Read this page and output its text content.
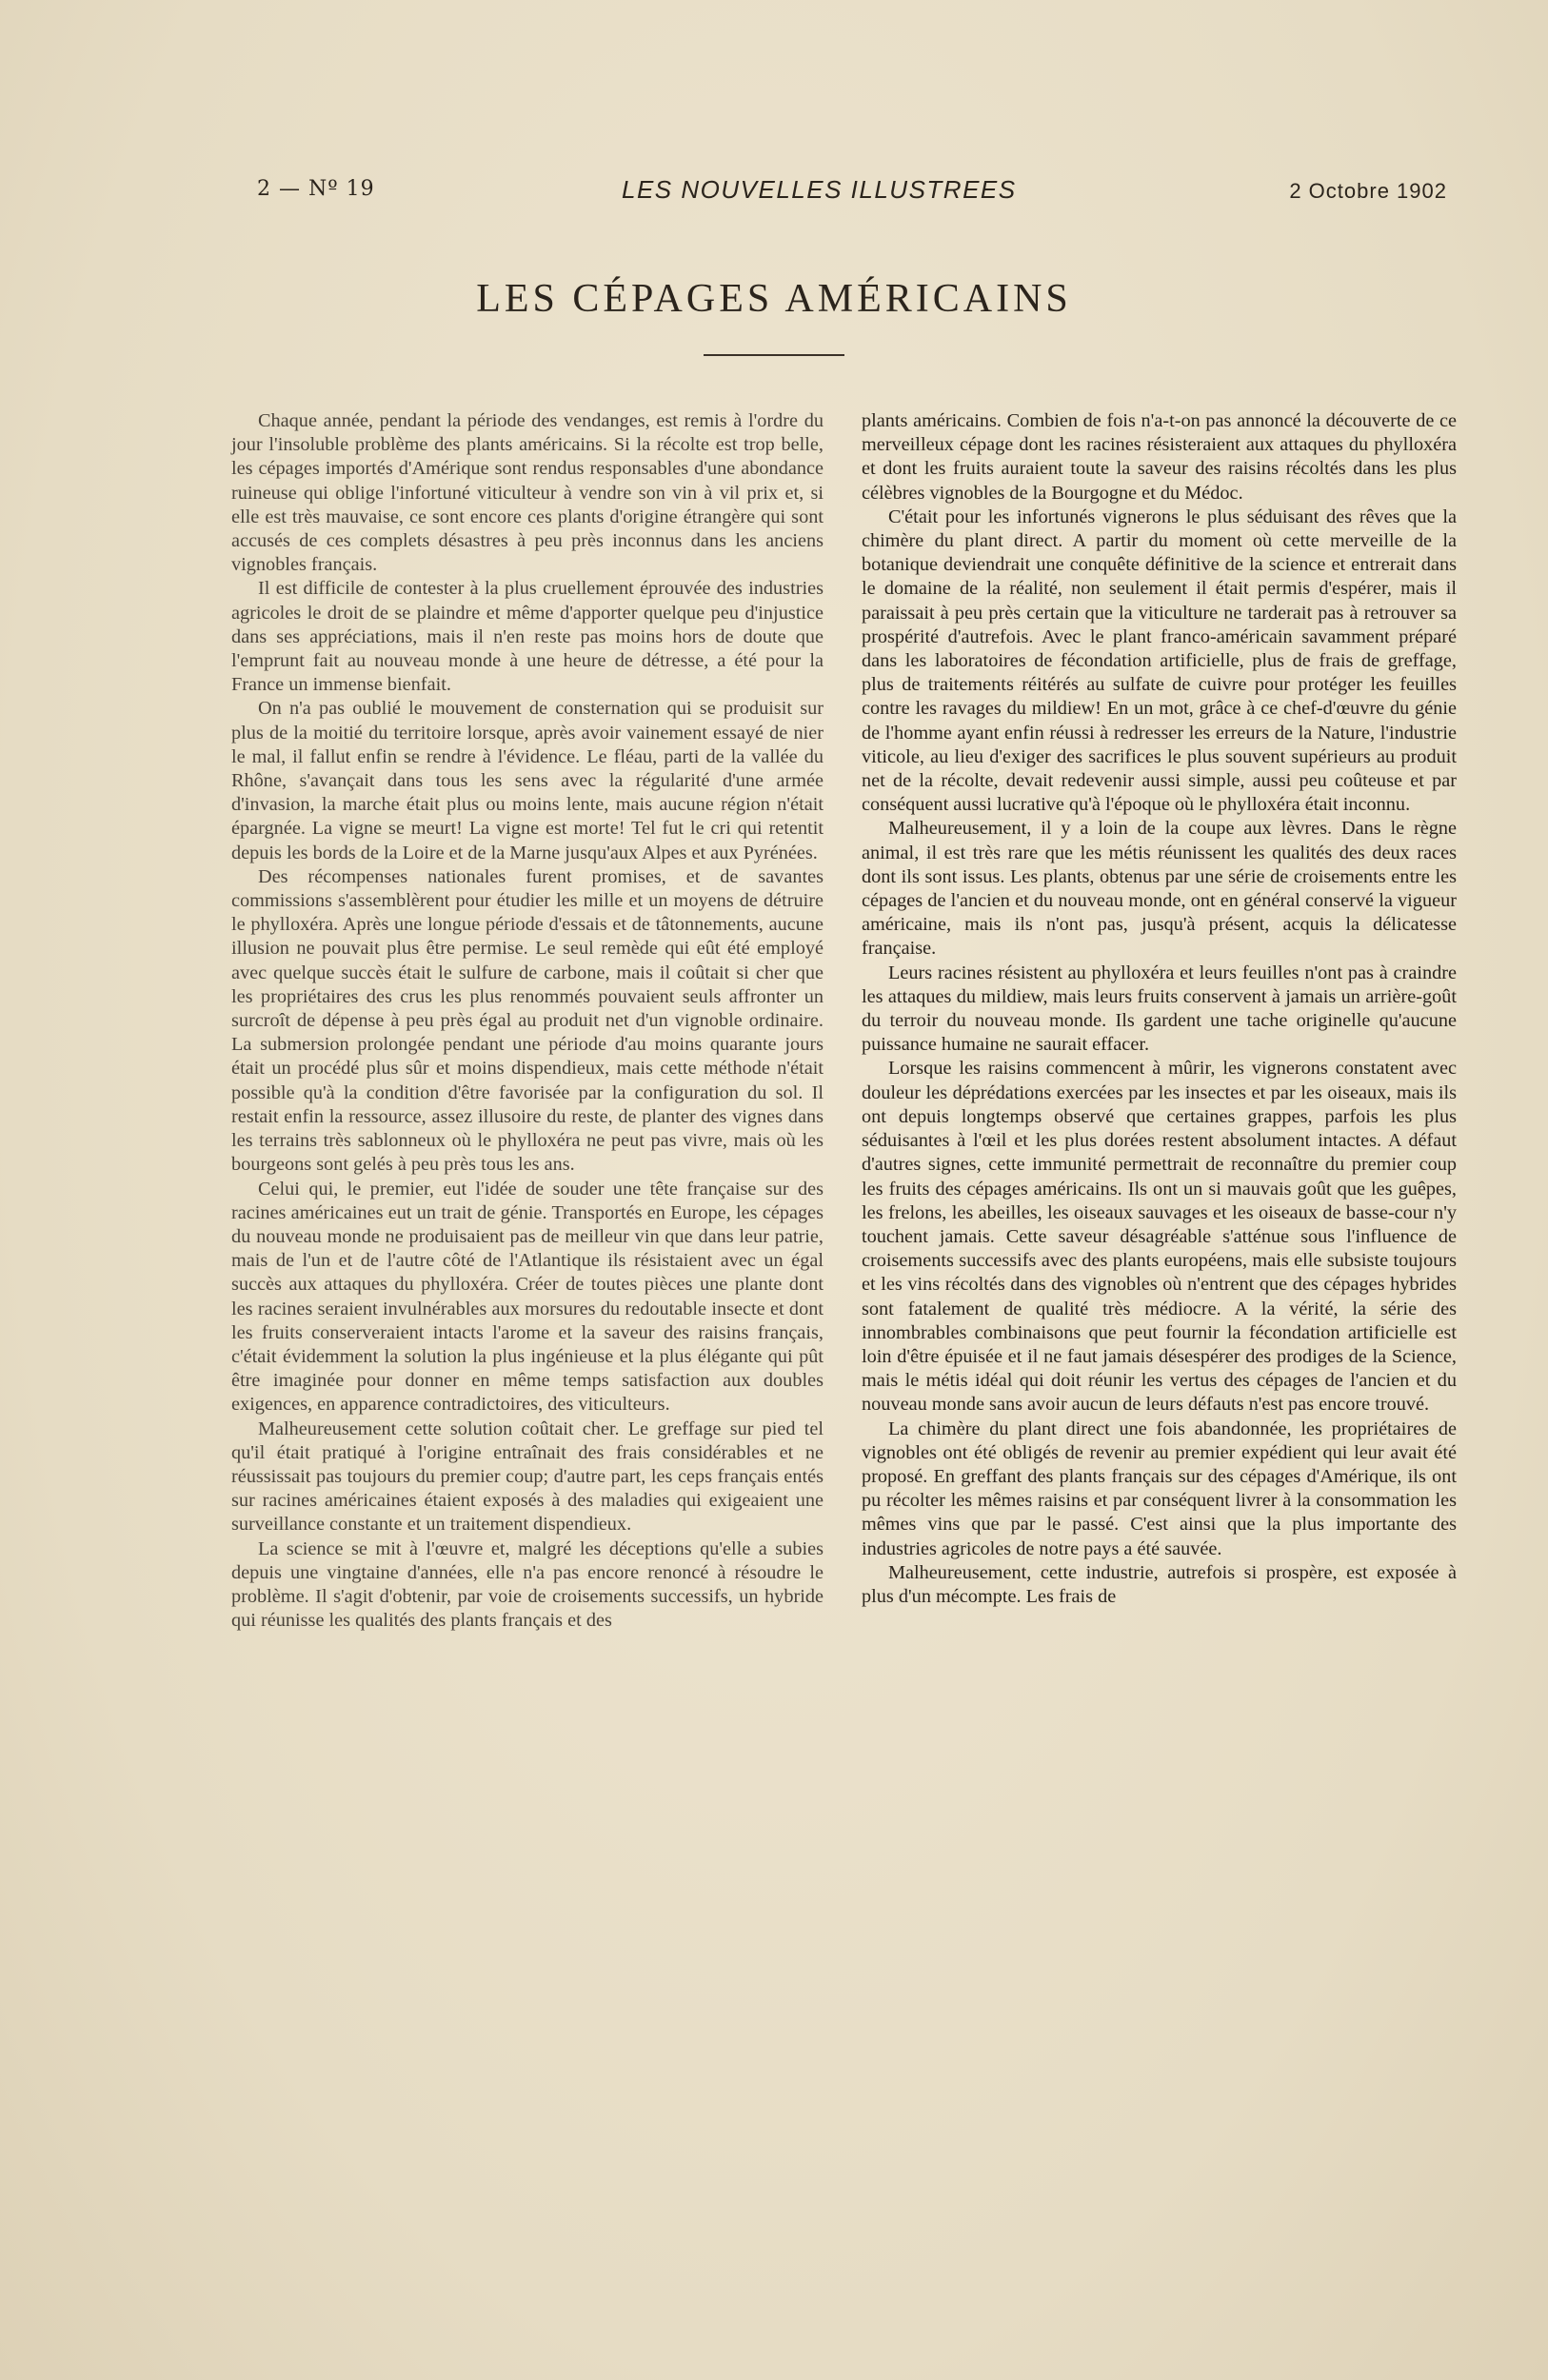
2 — Nº 19	LES NOUVELLES ILLUSTREES	2 Octobre 1902
LES CÉPAGES AMÉRICAINS

Chaque année, pendant la période des vendanges, est remis à l'ordre du jour l'insoluble problème des plants américains. Si la récolte est trop belle, les cépages importés d'Amérique sont rendus responsables d'une abondance ruineuse qui oblige l'infortuné viticulteur à vendre son vin à vil prix et, si elle est très mauvaise, ce sont encore ces plants d'origine étrangère qui sont accusés de ces complets désastres à peu près inconnus dans les anciens vignobles français.

Il est difficile de contester à la plus cruellement éprouvée des industries agricoles le droit de se plaindre et même d'apporter quelque peu d'injustice dans ses appréciations, mais il n'en reste pas moins hors de doute que l'emprunt fait au nouveau monde à une heure de détresse, a été pour la France un immense bienfait.

On n'a pas oublié le mouvement de consternation qui se produisit sur plus de la moitié du territoire lorsque, après avoir vainement essayé de nier le mal, il fallut enfin se rendre à l'évidence. Le fléau, parti de la vallée du Rhône, s'avançait dans tous les sens avec la régularité d'une armée d'invasion, la marche était plus ou moins lente, mais aucune région n'était épargnée. La vigne se meurt! La vigne est morte! Tel fut le cri qui retentit depuis les bords de la Loire et de la Marne jusqu'aux Alpes et aux Pyrénées.

Des récompenses nationales furent promises, et de savantes commissions s'assemblèrent pour étudier les mille et un moyens de détruire le phylloxéra. Après une longue période d'essais et de tâtonnements, aucune illusion ne pouvait plus être permise. Le seul remède qui eût été employé avec quelque succès était le sulfure de carbone, mais il coûtait si cher que les propriétaires des crus les plus renommés pouvaient seuls affronter un surcroît de dépense à peu près égal au produit net d'un vignoble ordinaire. La submersion prolongée pendant une période d'au moins quarante jours était un procédé plus sûr et moins dispendieux, mais cette méthode n'était possible qu'à la condition d'être favorisée par la configuration du sol. Il restait enfin la ressource, assez illusoire du reste, de planter des vignes dans les terrains très sablonneux où le phylloxéra ne peut pas vivre, mais où les bourgeons sont gelés à peu près tous les ans.

Celui qui, le premier, eut l'idée de souder une tête française sur des racines américaines eut un trait de génie. Transportés en Europe, les cépages du nouveau monde ne produisaient pas de meilleur vin que dans leur patrie, mais de l'un et de l'autre côté de l'Atlantique ils résistaient avec un égal succès aux attaques du phylloxéra. Créer de toutes pièces une plante dont les racines seraient invulnérables aux morsures du redoutable insecte et dont les fruits conserveraient intacts l'arome et la saveur des raisins français, c'était évidemment la solution la plus ingénieuse et la plus élégante qui pût être imaginée pour donner en même temps satisfaction aux doubles exigences, en apparence contradictoires, des viticulteurs.

Malheureusement cette solution coûtait cher. Le greffage sur pied tel qu'il était pratiqué à l'origine entraînait des frais considérables et ne réussissait pas toujours du premier coup; d'autre part, les ceps français entés sur racines américaines étaient exposés à des maladies qui exigeaient une surveillance constante et un traitement dispendieux.

La science se mit à l'œuvre et, malgré les déceptions qu'elle a subies depuis une vingtaine d'années, elle n'a pas encore renoncé à résoudre le problème. Il s'agit d'obtenir, par voie de croisements successifs, un hybride qui réunisse les qualités des plants français et des

plants américains. Combien de fois n'a-t-on pas annoncé la découverte de ce merveilleux cépage dont les racines résisteraient aux attaques du phylloxéra et dont les fruits auraient toute la saveur des raisins récoltés dans les plus célèbres vignobles de la Bourgogne et du Médoc.

C'était pour les infortunés vignerons le plus séduisant des rêves que la chimère du plant direct. A partir du moment où cette merveille de la botanique deviendrait une conquête définitive de la science et entrerait dans le domaine de la réalité, non seulement il était permis d'espérer, mais il paraissait à peu près certain que la viticulture ne tarderait pas à retrouver sa prospérité d'autrefois. Avec le plant franco-américain savamment préparé dans les laboratoires de fécondation artificielle, plus de frais de greffage, plus de traitements réitérés au sulfate de cuivre pour protéger les feuilles contre les ravages du mildiew! En un mot, grâce à ce chef-d'œuvre du génie de l'homme ayant enfin réussi à redresser les erreurs de la Nature, l'industrie viticole, au lieu d'exiger des sacrifices le plus souvent supérieurs au produit net de la récolte, devait redevenir aussi simple, aussi peu coûteuse et par conséquent aussi lucrative qu'à l'époque où le phylloxéra était inconnu.

Malheureusement, il y a loin de la coupe aux lèvres. Dans le règne animal, il est très rare que les métis réunissent les qualités des deux races dont ils sont issus. Les plants, obtenus par une série de croisements entre les cépages de l'ancien et du nouveau monde, ont en général conservé la vigueur américaine, mais ils n'ont pas, jusqu'à présent, acquis la délicatesse française.

Leurs racines résistent au phylloxéra et leurs feuilles n'ont pas à craindre les attaques du mildiew, mais leurs fruits conservent à jamais un arrière-goût du terroir du nouveau monde. Ils gardent une tache originelle qu'aucune puissance humaine ne saurait effacer.

Lorsque les raisins commencent à mûrir, les vignerons constatent avec douleur les déprédations exercées par les insectes et par les oiseaux, mais ils ont depuis longtemps observé que certaines grappes, parfois les plus séduisantes à l'œil et les plus dorées restent absolument intactes. A défaut d'autres signes, cette immunité permettrait de reconnaître du premier coup les fruits des cépages américains. Ils ont un si mauvais goût que les guêpes, les frelons, les abeilles, les oiseaux sauvages et les oiseaux de basse-cour n'y touchent jamais. Cette saveur désagréable s'atténue sous l'influence de croisements successifs avec des plants européens, mais elle subsiste toujours et les vins récoltés dans des vignobles où n'entrent que des cépages hybrides sont fatalement de qualité très médiocre. A la vérité, la série des innombrables combinaisons que peut fournir la fécondation artificielle est loin d'être épuisée et il ne faut jamais désespérer des prodiges de la Science, mais le métis idéal qui doit réunir les vertus des cépages de l'ancien et du nouveau monde sans avoir aucun de leurs défauts n'est pas encore trouvé.

La chimère du plant direct une fois abandonnée, les propriétaires de vignobles ont été obligés de revenir au premier expédient qui leur avait été proposé. En greffant des plants français sur des cépages d'Amérique, ils ont pu récolter les mêmes raisins et par conséquent livrer à la consommation les mêmes vins que par le passé. C'est ainsi que la plus importante des industries agricoles de notre pays a été sauvée.

Malheureusement, cette industrie, autrefois si prospère, est exposée à plus d'un mécompte. Les frais de
